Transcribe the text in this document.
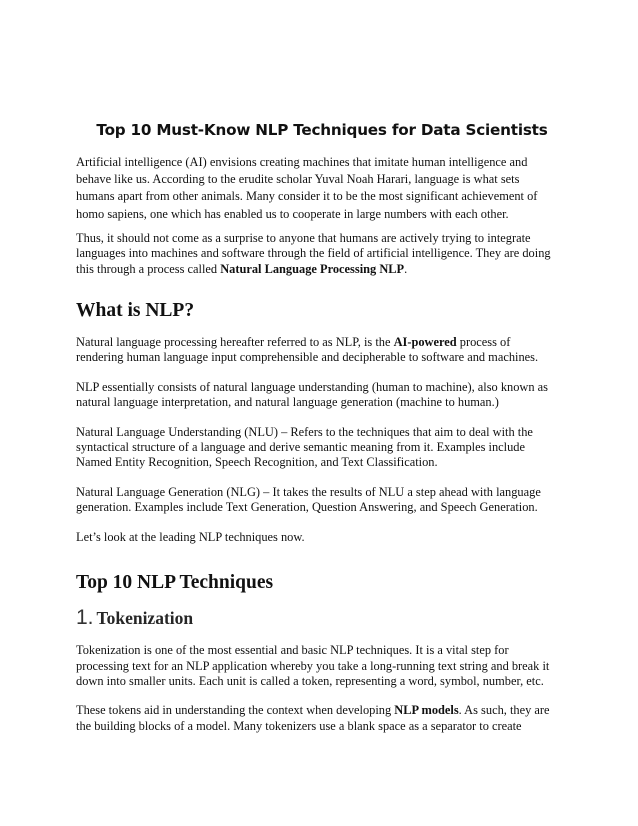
Top 10 Must-Know NLP Techniques for Data Scientists

Artificial intelligence (AI) envisions creating machines that imitate human intelligence and behave like us. According to the erudite scholar Yuval Noah Harari, language is what sets humans apart from other animals. Many consider it to be the most significant achievement of homo sapiens, one which has enabled us to cooperate in large numbers with each other.

Thus, it should not come as a surprise to anyone that humans are actively trying to integrate languages into machines and software through the field of artificial intelligence. They are doing this through a process called Natural Language Processing NLP.

What is NLP?

Natural language processing hereafter referred to as NLP, is the AI-powered process of rendering human language input comprehensible and decipherable to software and machines.

NLP essentially consists of natural language understanding (human to machine), also known as natural language interpretation, and natural language generation (machine to human.)

Natural Language Understanding (NLU) – Refers to the techniques that aim to deal with the syntactical structure of a language and derive semantic meaning from it. Examples include Named Entity Recognition, Speech Recognition, and Text Classification.

Natural Language Generation (NLG) – It takes the results of NLU a step ahead with language generation. Examples include Text Generation, Question Answering, and Speech Generation.

Let’s look at the leading NLP techniques now.

Top 10 NLP Techniques
1. Tokenization

Tokenization is one of the most essential and basic NLP techniques. It is a vital step for processing text for an NLP application whereby you take a long-running text string and break it down into smaller units. Each unit is called a token, representing a word, symbol, number, etc.

These tokens aid in understanding the context when developing NLP models. As such, they are the building blocks of a model. Many tokenizers use a blank space as a separator to create
